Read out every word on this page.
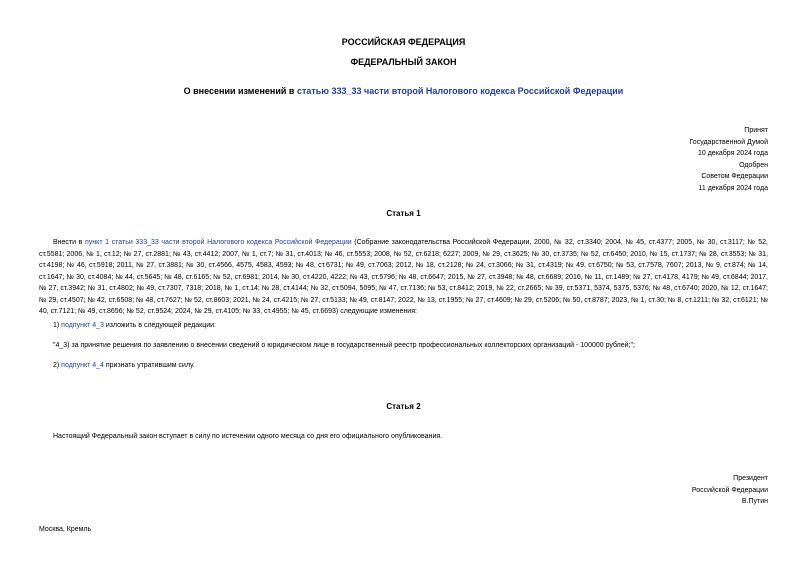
РОССИЙСКАЯ ФЕДЕРАЦИЯ
ФЕДЕРАЛЬНЫЙ ЗАКОН
О внесении изменений в статью 333_33 части второй Налогового кодекса Российской Федерации
Принят
Государственной Думой
10 декабря 2024 года
Одобрен
Советом Федерации
11 декабря 2024 года
Статья 1
Внести в пункт 1 статьи 333_33 части второй Налогового кодекса Российской Федерации (Собрание законодательства Российской Федерации, 2000, № 32, ст.3340; 2004, № 45, ст.4377; 2005, № 30, ст.3117; № 52, ст.5581; 2006, № 1, ст.12; № 27, ст.2881; № 43, ст.4412; 2007, № 1, ст.7; № 31, ст.4013; № 46, ст.5553; 2008, № 52, ст.6218; 6227; 2009, № 29, ст.3625; № 30, ст.3735; № 52, ст.6450; 2010, № 15, ст.1737; № 28, ст.3553; № 31, ст.4198; № 46, ст.5918; 2011, № 27, ст.3881; № 30, ст.4566, 4575, 4583, 4593; № 48, ст.6731; № 49, ст.7063; 2012, № 18, ст.2128; № 24, ст.3066; № 31, ст.4319; № 49, ст.6750; № 53, ст.7578, 7607; 2013, № 9, ст.874; № 14, ст.1647; № 30, ст.4084; № 44, ст.5645; № 48, ст.6165; № 52, ст.6981; 2014, № 30, ст.4220, 4222; № 43, ст.5796; № 48, ст.6647; 2015, № 27, ст.3948; № 48, ст.6689; 2016, № 11, ст.1489; № 27, ст.4178, 4179; № 49, ст.6844; 2017, № 27, ст.3942; № 31, ст.4802; № 49, ст.7307, 7318; 2018, № 1, ст.14; № 28, ст.4144; № 32, ст.5094, 5095; № 47, ст.7136; № 53, ст.8412; 2019, № 22, ст.2665; № 39, ст.5371, 5374, 5375, 5376; № 48, ст.6740; 2020, № 12, ст.1647; № 29, ст.4507; № 42, ст.6508; № 48, ст.7627; № 52, ст.8603; 2021, № 24, ст.4215; № 27, ст.5133; № 49, ст.8147; 2022, № 13, ст.1955; № 27, ст.4609; № 29, ст.5206; № 50, ст.8787; 2023, № 1, ст.30; № 8, ст.1211; № 32, ст.6121; № 40, ст.7121; № 49, ст.8656; № 52, ст.9524; 2024, № 29, ст.4105; № 33, ст.4955; № 45, ст.6693) следующие изменения:
1) подпункт 4_3 изложить в следующей редакции:
"4_3) за принятие решения по заявлению о внесении сведений о юридическом лице в государственный реестр профессиональных коллекторских организаций - 100000 рублей;";
2) подпункт 4_4 признать утратившим силу.
Статья 2
Настоящий Федеральный закон вступает в силу по истечении одного месяца со дня его официального опубликования.
Президент
Российской Федерации
В.Путин
Москва, Кремль
